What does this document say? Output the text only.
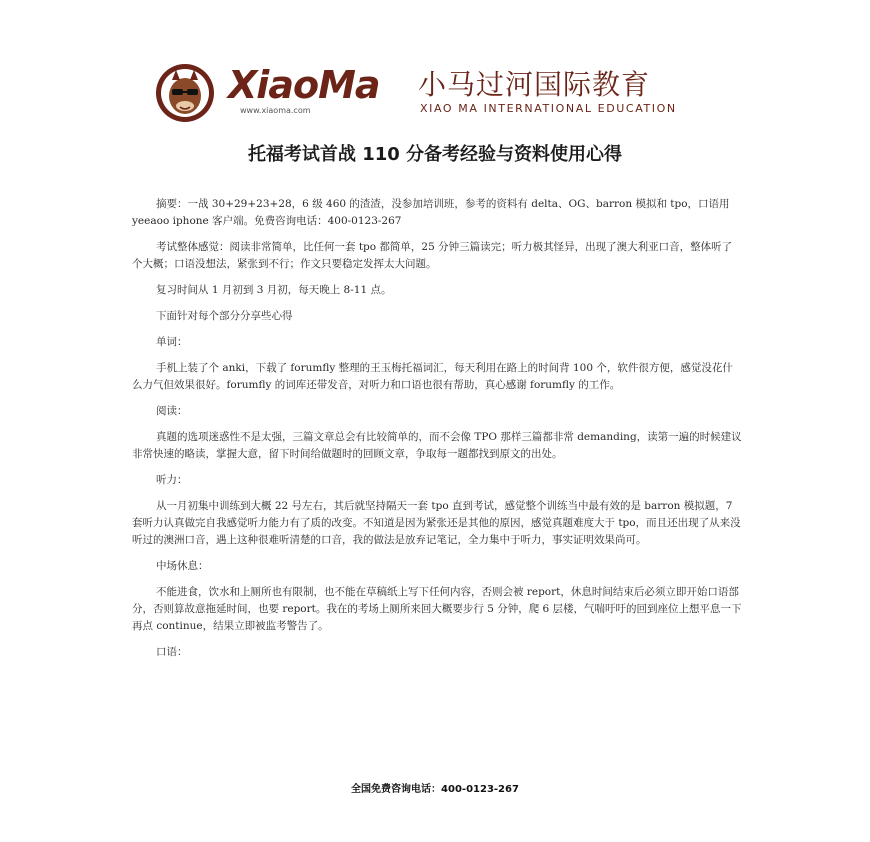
XiaoMa
www.xiaoma.com
小马过河国际教育
XIAO MA INTERNATIONAL EDUCATION
托福考试首战 110 分备考经验与资料使用心得

摘要：一战 30+29+23+28，6 级 460 的渣渣，没参加培训班，参考的资料有 delta、OG、barron 模拟和 tpo，口语用 yeeaoo iphone 客户端。免费咨询电话：400-0123-267

考试整体感觉：阅读非常简单，比任何一套 tpo 都简单，25 分钟三篇读完；听力极其怪异，出现了澳大利亚口音，整体听了个大概；口语没想法，紧张到不行；作文只要稳定发挥太大问题。

复习时间从 1 月初到 3 月初，每天晚上 8-11 点。

下面针对每个部分分享些心得

单词：

手机上装了个 anki，下载了 forumfly 整理的王玉梅托福词汇，每天利用在路上的时间背 100 个，软件很方便，感觉没花什么力气但效果很好。forumfly 的词库还带发音，对听力和口语也很有帮助，真心感谢 forumfly 的工作。

阅读：

真题的选项迷惑性不是太强，三篇文章总会有比较简单的，而不会像 TPO 那样三篇都非常 demanding，读第一遍的时候建议非常快速的略读，掌握大意，留下时间给做题时的回顾文章，争取每一题都找到原文的出处。

听力：

从一月初集中训练到大概 22 号左右，其后就坚持隔天一套 tpo 直到考试，感觉整个训练当中最有效的是 barron 模拟题，7 套听力认真做完自我感觉听力能力有了质的改变。不知道是因为紧张还是其他的原因，感觉真题难度大于 tpo，而且还出现了从来没听过的澳洲口音，遇上这种很难听清楚的口音，我的做法是放弃记笔记，全力集中于听力，事实证明效果尚可。

中场休息：

不能进食，饮水和上厕所也有限制，也不能在草稿纸上写下任何内容，否则会被 report，休息时间结束后必须立即开始口语部分，否则算故意拖延时间，也要 report。我在的考场上厕所来回大概要步行 5 分钟，爬 6 层楼，气喘吁吁的回到座位上想平息一下再点 continue，结果立即被监考警告了。

口语：

全国免费咨询电话：400-0123-267
